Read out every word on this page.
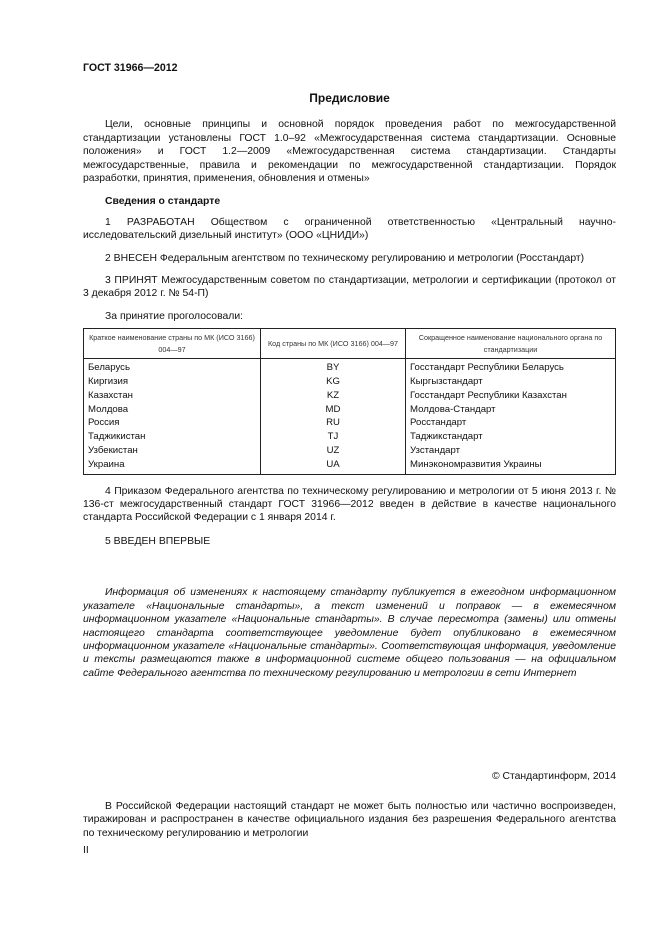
ГОСТ 31966—2012
Предисловие

Цели, основные принципы и основной порядок проведения работ по межгосударственной стандартизации установлены ГОСТ 1.0–92 «Межгосударственная система стандартизации. Основные положения» и ГОСТ 1.2—2009 «Межгосударственная система стандартизации. Стандарты межгосударственные, правила и рекомендации по межгосударственной стандартизации. Порядок разработки, принятия, применения, обновления и отмены»

Сведения о стандарте

1 РАЗРАБОТАН Обществом с ограниченной ответственностью «Центральный научно-исследовательский дизельный институт» (ООО «ЦНИДИ»)

2 ВНЕСЕН Федеральным агентством по техническому регулированию и метрологии (Росстандарт)

3 ПРИНЯТ Межгосударственным советом по стандартизации, метрологии и сертификации (протокол от 3 декабря 2012 г. № 54-П)

За принятие проголосовали:

Краткое наименование страны по МК (ИСО 3166) 004—97	Код страны по МК (ИСО 3166) 004—97	Сокращенное наименование национального органа по стандартизации
Беларусь	BY	Госстандарт Республики Беларусь
Киргизия	KG	Кыргызстандарт
Казахстан	KZ	Госстандарт Республики Казахстан
Молдова	MD	Молдова-Стандарт
Россия	RU	Росстандарт
Таджикистан	TJ	Таджикстандарт
Узбекистан	UZ	Узстандарт
Украина	UA	Минэкономразвития Украины

4 Приказом Федерального агентства по техническому регулированию и метрологии от 5 июня 2013 г. № 136-ст межгосударственный стандарт ГОСТ 31966—2012 введен в действие в качестве национального стандарта Российской Федерации с 1 января 2014 г.

5 ВВЕДЕН ВПЕРВЫЕ

Информация об изменениях к настоящему стандарту публикуется в ежегодном информационном указателе «Национальные стандарты», а текст изменений и поправок — в ежемесячном информационном указателе «Национальные стандарты». В случае пересмотра (замены) или отмены настоящего стандарта соответствующее уведомление будет опубликовано в ежемесячном информационном указателе «Национальные стандарты». Соответствующая информация, уведомление и тексты размещаются также в информационной системе общего пользования — на официальном сайте Федерального агентства по техническому регулированию и метрологии в сети Интернет

© Стандартинформ, 2014

В Российской Федерации настоящий стандарт не может быть полностью или частично воспроизведен, тиражирован и распространен в качестве официального издания без разрешения Федерального агентства по техническому регулированию и метрологии

II
